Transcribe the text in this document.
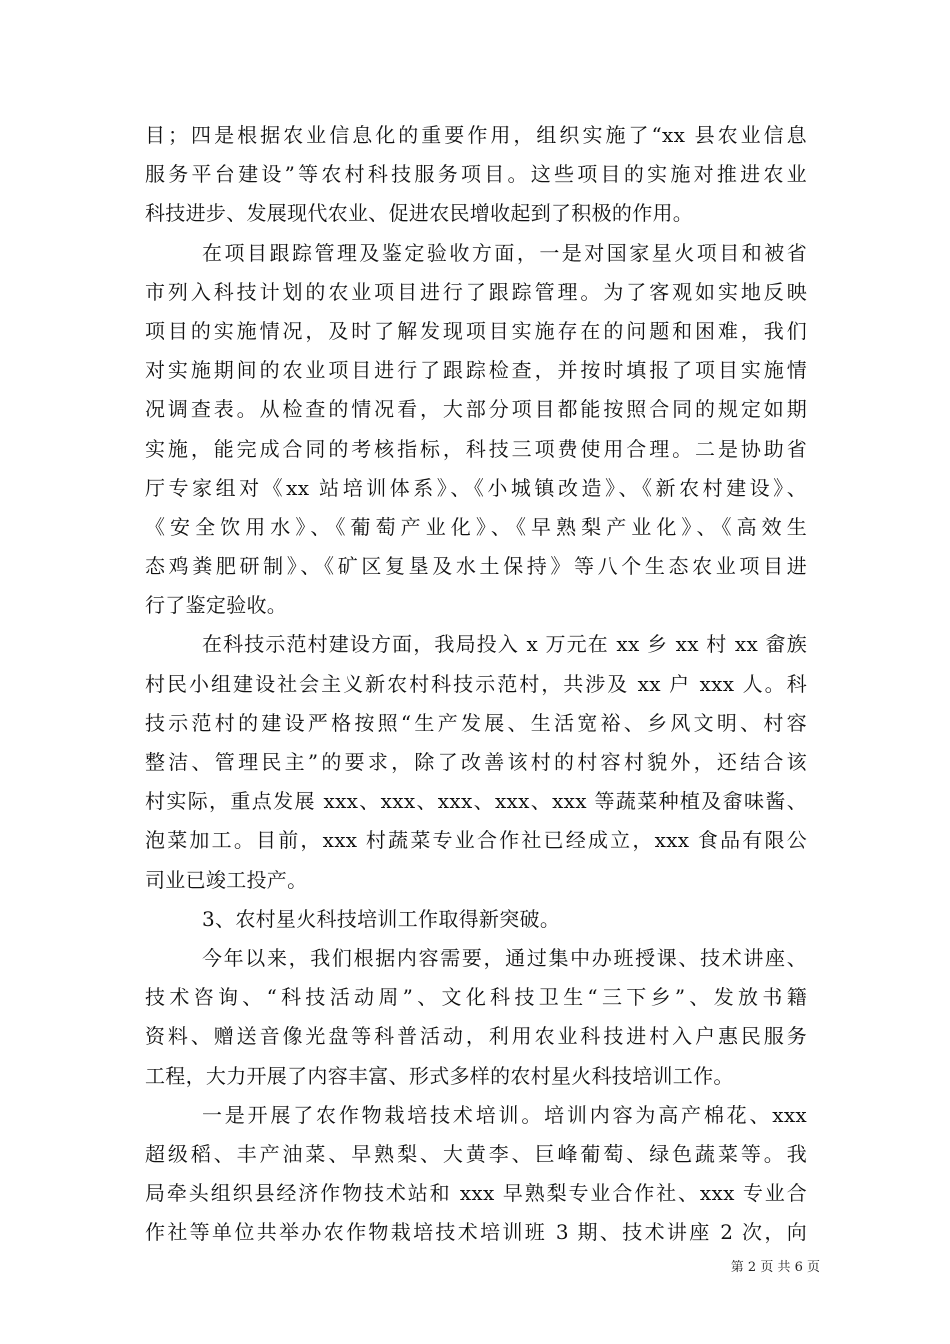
目；四是根据农业信息化的重要作用，组织实施了“xx 县农业信息
服务平台建设”等农村科技服务项目。这些项目的实施对推进农业
科技进步、发展现代农业、促进农民增收起到了积极的作用。
在项目跟踪管理及鉴定验收方面，一是对国家星火项目和被省
市列入科技计划的农业项目进行了跟踪管理。为了客观如实地反映
项目的实施情况，及时了解发现项目实施存在的问题和困难，我们
对实施期间的农业项目进行了跟踪检查，并按时填报了项目实施情
况调查表。从检查的情况看，大部分项目都能按照合同的规定如期
实施，能完成合同的考核指标，科技三项费使用合理。二是协助省
厅专家组对《xx 站培训体系》、《小城镇改造》、《新农村建设》、
《安全饮用水》、《葡萄产业化》、《早熟梨产业化》、《高效生
态鸡粪肥研制》、《矿区复垦及水土保持》等八个生态农业项目进
行了鉴定验收。
在科技示范村建设方面，我局投入 x 万元在 xx 乡 xx 村 xx 畲族
村民小组建设社会主义新农村科技示范村，共涉及 xx 户 xxx 人。科
技示范村的建设严格按照“生产发展、生活宽裕、乡风文明、村容
整洁、管理民主”的要求，除了改善该村的村容村貌外，还结合该
村实际，重点发展 xxx、xxx、xxx、xxx、xxx 等蔬菜种植及畲味酱、
泡菜加工。目前，xxx 村蔬菜专业合作社已经成立，xxx 食品有限公
司业已竣工投产。
3、农村星火科技培训工作取得新突破。
今年以来，我们根据内容需要，通过集中办班授课、技术讲座、
技术咨询、“科技活动周”、文化科技卫生“三下乡”、发放书籍
资料、赠送音像光盘等科普活动，利用农业科技进村入户惠民服务
工程，大力开展了内容丰富、形式多样的农村星火科技培训工作。
一是开展了农作物栽培技术培训。培训内容为高产棉花、xxx
超级稻、丰产油菜、早熟梨、大黄李、巨峰葡萄、绿色蔬菜等。我
局牵头组织县经济作物技术站和 xxx 早熟梨专业合作社、xxx 专业合
作社等单位共举办农作物栽培技术培训班 3 期、技术讲座 2 次，向
第 2 页 共 6 页
